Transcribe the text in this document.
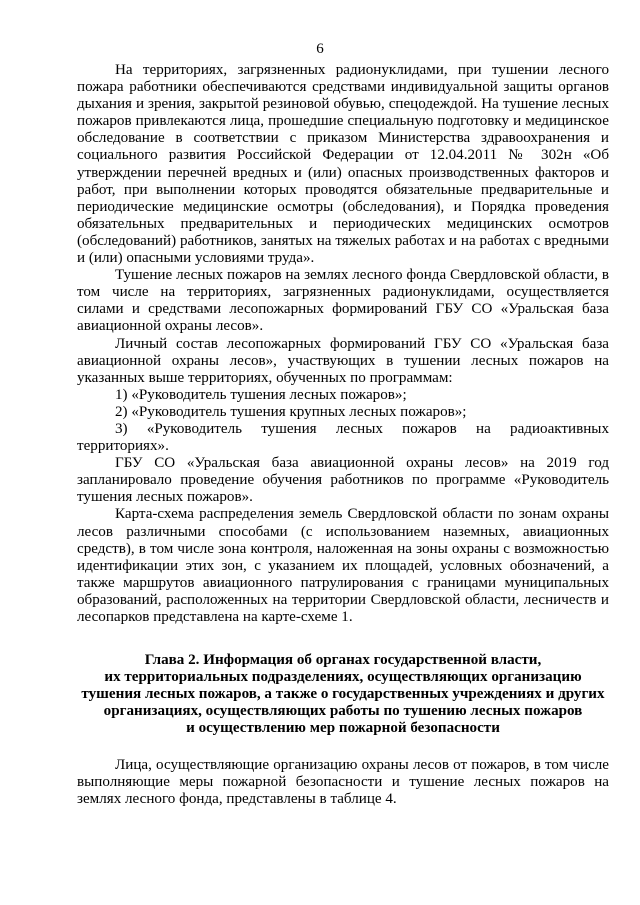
6

На территориях, загрязненных радионуклидами, при тушении лесного пожара работники обеспечиваются средствами индивидуальной защиты органов дыхания и зрения, закрытой резиновой обувью, спецодеждой. На тушение лесных пожаров привлекаются лица, прошедшие специальную подготовку и медицинское обследование в соответствии с приказом Министерства здравоохранения и социального развития Российской Федерации от 12.04.2011 № 302н «Об утверждении перечней вредных и (или) опасных производственных факторов и работ, при выполнении которых проводятся обязательные предварительные и периодические медицинские осмотры (обследования), и Порядка проведения обязательных предварительных и периодических медицинских осмотров (обследований) работников, занятых на тяжелых работах и на работах с вредными и (или) опасными условиями труда».

Тушение лесных пожаров на землях лесного фонда Свердловской области, в том числе на территориях, загрязненных радионуклидами, осуществляется силами и средствами лесопожарных формирований ГБУ СО «Уральская база авиационной охраны лесов».

Личный состав лесопожарных формирований ГБУ СО «Уральская база авиационной охраны лесов», участвующих в тушении лесных пожаров на указанных выше территориях, обученных по программам:

1) «Руководитель тушения лесных пожаров»;

2) «Руководитель тушения крупных лесных пожаров»;

3) «Руководитель тушения лесных пожаров на радиоактивных территориях».

ГБУ СО «Уральская база авиационной охраны лесов» на 2019 год запланировало проведение обучения работников по программе «Руководитель тушения лесных пожаров».

Карта-схема распределения земель Свердловской области по зонам охраны лесов различными способами (с использованием наземных, авиационных средств), в том числе зона контроля, наложенная на зоны охраны с возможностью идентификации этих зон, с указанием их площадей, условных обозначений, а также маршрутов авиационного патрулирования с границами муниципальных образований, расположенных на территории Свердловской области, лесничеств и лесопарков представлена на карте-схеме 1.

Глава 2. Информация об органах государственной власти,
их территориальных подразделениях, осуществляющих организацию
тушения лесных пожаров, а также о государственных учреждениях и других
организациях, осуществляющих работы по тушению лесных пожаров
и осуществлению мер пожарной безопасности

Лица, осуществляющие организацию охраны лесов от пожаров, в том числе выполняющие меры пожарной безопасности и тушение лесных пожаров на землях лесного фонда, представлены в таблице 4.
